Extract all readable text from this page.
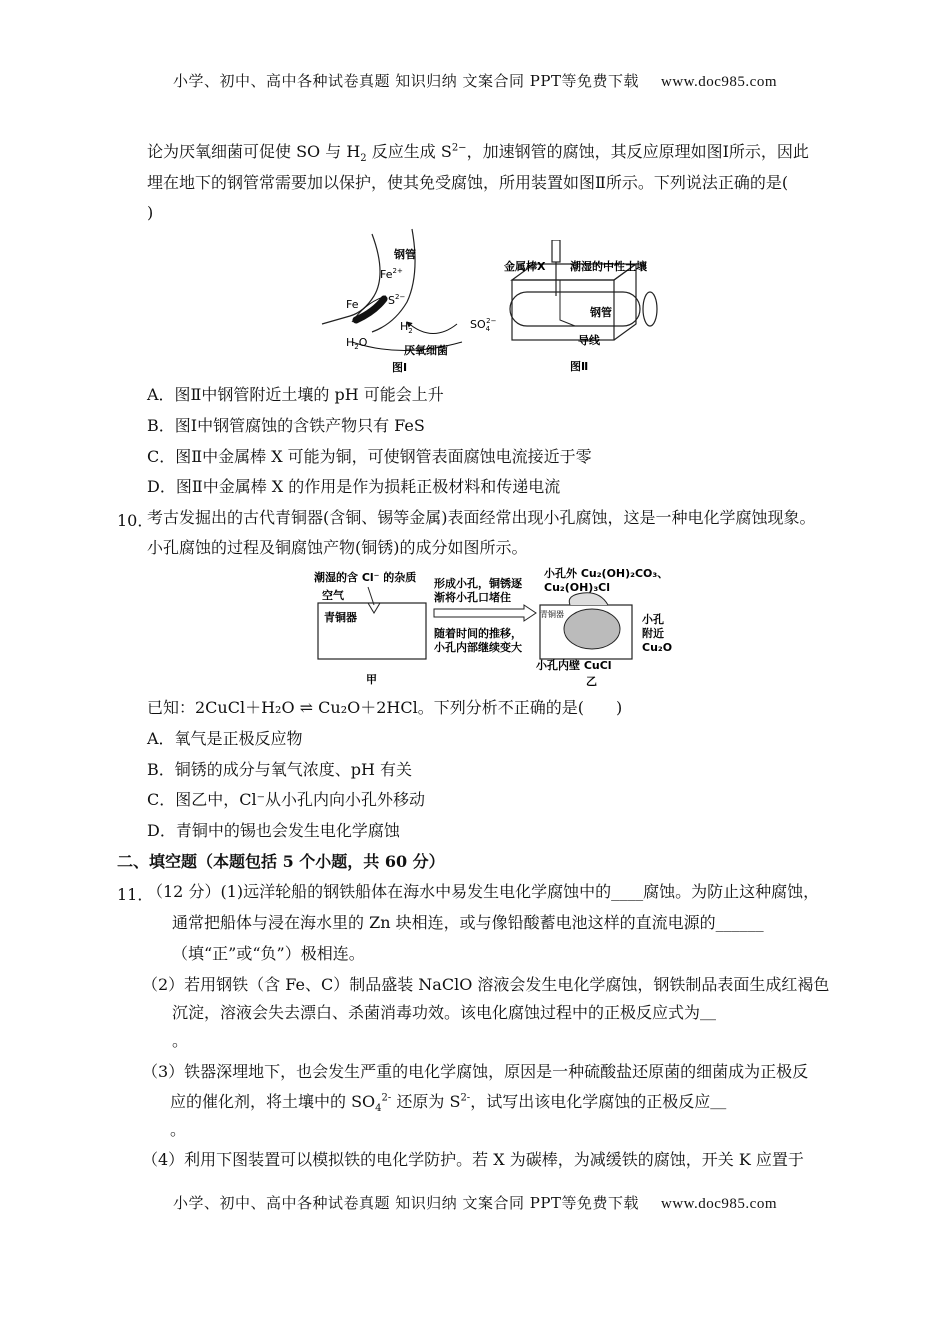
小学、初中、高中各种试卷真题 知识归纳 文案合同 PPT等免费下载 www.doc985.com
论为厌氧细菌可促使 SO 与 $H_2$ 反应生成 $S^{2-}$，加速钢管的腐蚀，其反应原理如图Ⅰ所示，因此
埋在地下的钢管常需要加以保护，使其免受腐蚀，所用装置如图Ⅱ所示。下列说法正确的是(
)
钢管
$Fe^{2+}$
Fe	$S^{2-}$
$H_2$	$SO_42-$
$H_2O$
厌氧细菌
图Ⅰ
金属棒X 潮湿的中性土壤
钢管
导线
图Ⅱ
A．图Ⅱ中钢管附近土壤的 pH 可能会上升
B．图Ⅰ中钢管腐蚀的含铁产物只有 FeS
C．图Ⅱ中金属棒 X 可能为铜，可使钢管表面腐蚀电流接近于零
D．图Ⅱ中金属棒 X 的作用是作为损耗正极材料和传递电流
10．
考古发掘出的古代青铜器(含铜、锡等金属)表面经常出现小孔腐蚀，这是一种电化学腐蚀现象。
小孔腐蚀的过程及铜腐蚀产物(铜锈)的成分如图所示。
潮湿的含 Cl⁻ 的杂质
空气
青铜器
形成小孔，铜锈逐
渐将小孔口堵住
随着时间的推移，
小孔内部继续变大
青铜器
小孔外 Cu₂(OH)₂CO₃、
Cu₂(OH)₃Cl
小孔
附近
Cu₂O
小孔内壁 CuCl
甲	乙
已知：2CuCl＋H₂O ⇌ Cu₂O＋2HCl。下列分析不正确的是(　　)
A．氧气是正极反应物
B．铜锈的成分与氧气浓度、pH 有关
C．图乙中，Cl⁻从小孔内向小孔外移动
D．青铜中的锡也会发生电化学腐蚀
二、填空题（本题包括 5 个小题，共 60 分）
11．
（12 分）(1)远洋轮船的钢铁船体在海水中易发生电化学腐蚀中的____腐蚀。为防止这种腐蚀，
通常把船体与浸在海水里的 Zn 块相连，或与像铅酸蓄电池这样的直流电源的______
（填“正”或“负”）极相连。
（2）若用钢铁（含 Fe、C）制品盛装 NaClO 溶液会发生电化学腐蚀，钢铁制品表面生成红褐色
沉淀，溶液会失去漂白、杀菌消毒功效。该电化腐蚀过程中的正极反应式为＿
。
（3）铁器深埋地下，也会发生严重的电化学腐蚀，原因是一种硫酸盐还原菌的细菌成为正极反
应的催化剂，将土壤中的 $SO_4^{2-}$ 还原为 $S^{2-}$，试写出该电化学腐蚀的正极反应＿
。
（4）利用下图装置可以模拟铁的电化学防护。若 X 为碳棒，为减缓铁的腐蚀，开关 K 应置于
小学、初中、高中各种试卷真题 知识归纳 文案合同 PPT等免费下载 www.doc985.com
